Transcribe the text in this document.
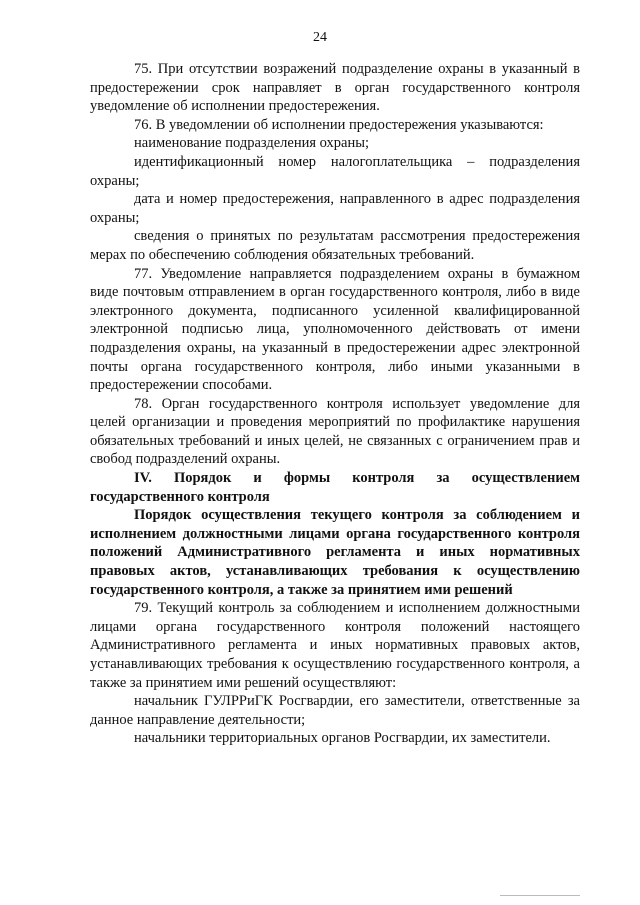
24

75. При отсутствии возражений подразделение охраны в указанный в предостережении срок направляет в орган государственного контроля уведомление об исполнении предостережения.

76. В уведомлении об исполнении предостережения указываются:

наименование подразделения охраны;

идентификационный номер налогоплательщика – подразделения охраны;

дата и номер предостережения, направленного в адрес подразделения охраны;

сведения о принятых по результатам рассмотрения предостережения мерах по обеспечению соблюдения обязательных требований.

77. Уведомление направляется подразделением охраны в бумажном виде почтовым отправлением в орган государственного контроля, либо в виде электронного документа, подписанного усиленной квалифицированной электронной подписью лица, уполномоченного действовать от имени подразделения охраны, на указанный в предостережении адрес электронной почты органа государственного контроля, либо иными указанными в предостережении способами.

78. Орган государственного контроля использует уведомление для целей организации и проведения мероприятий по профилактике нарушения обязательных требований и иных целей, не связанных с ограничением прав и свобод подразделений охраны.

IV. Порядок и формы контроля за осуществлением государственного контроля

Порядок осуществления текущего контроля за соблюдением и исполнением должностными лицами органа государственного контроля положений Административного регламента и иных нормативных правовых актов, устанавливающих требования к осуществлению государственного контроля, а также за принятием ими решений

79. Текущий контроль за соблюдением и исполнением должностными лицами органа государственного контроля положений настоящего Административного регламента и иных нормативных правовых актов, устанавливающих требования к осуществлению государственного контроля, а также за принятием ими решений осуществляют:

начальник ГУЛРРиГК Росгвардии, его заместители, ответственные за данное направление деятельности;

начальники территориальных органов Росгвардии, их заместители.
